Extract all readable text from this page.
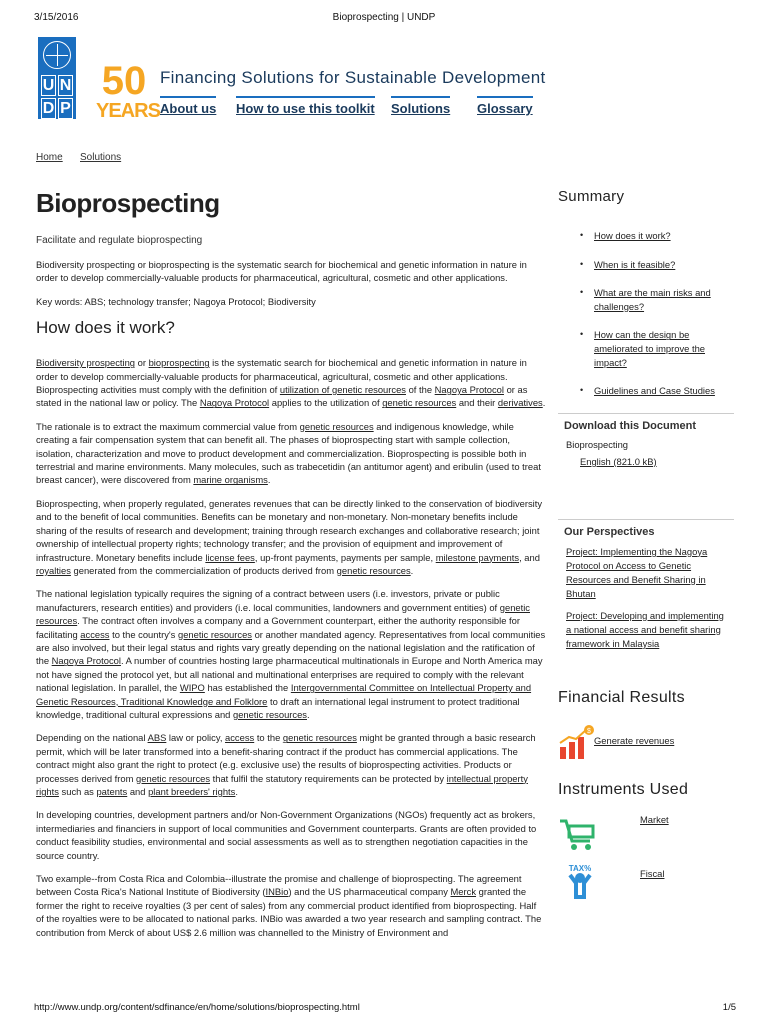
3/15/2016	Bioprospecting | UNDP
U N
D P
50
YEARS
Financing Solutions for Sustainable Development
About us How to use this toolkit Solutions Glossary
Home Solutions
Bioprospecting
Facilitate and regulate bioprospecting

Biodiversity prospecting or bioprospecting is the systematic search for biochemical and genetic information in nature in order to develop commercially-valuable products for pharmaceutical, agricultural, cosmetic and other applications.

Key words: ABS; technology transfer; Nagoya Protocol; Biodiversity

How does it work?

Biodiversity prospecting or bioprospecting is the systematic search for biochemical and genetic information in nature in order to develop commercially-valuable products for pharmaceutical, agricultural, cosmetic and other applications. Bioprospecting activities must comply with the definition of utilization of genetic resources of the Nagoya Protocol or as stated in the national law or policy. The Nagoya Protocol applies to the utilization of genetic resources and their derivatives.

The rationale is to extract the maximum commercial value from genetic resources and indigenous knowledge, while creating a fair compensation system that can benefit all. The phases of bioprospecting start with sample collection, isolation, characterization and move to product development and commercialization. Bioprospecting is possible both in terrestrial and marine environments. Many molecules, such as trabecetidin (an antitumor agent) and eribulin (used to treat breast cancer), were discovered from marine organisms.

Bioprospecting, when properly regulated, generates revenues that can be directly linked to the conservation of biodiversity and to the benefit of local communities. Benefits can be monetary and non-monetary. Non-monetary benefits include sharing of the results of research and development; training through research exchanges and collaborative research; joint ownership of intellectual property rights; technology transfer; and the provision of equipment and improvement of infrastructure. Monetary benefits include license fees, up-front payments, payments per sample, milestone payments, and royalties generated from the commercialization of products derived from genetic resources.

The national legislation typically requires the signing of a contract between users (i.e. investors, private or public manufacturers, research entities) and providers (i.e. local communities, landowners and government entities) of genetic resources. The contract often involves a company and a Government counterpart, either the authority responsible for facilitating access to the country's genetic resources or another mandated agency. Representatives from local communities are also involved, but their legal status and rights vary greatly depending on the national legislation and the ratification of the Nagoya Protocol. A number of countries hosting large pharmaceutical multinationals in Europe and North America may not have signed the protocol yet, but all national and multinational enterprises are required to comply with the relevant national legislation. In parallel, the WIPO has established the Intergovernmental Committee on Intellectual Property and Genetic Resources, Traditional Knowledge and Folklore to draft an international legal instrument to protect traditional knowledge, traditional cultural expressions and genetic resources.

Depending on the national ABS law or policy, access to the genetic resources might be granted through a basic research permit, which will be later transformed into a benefit-sharing contract if the product has commercial applications. The contract might also grant the right to protect (e.g. exclusive use) the results of bioprospecting activities. Products or processes derived from genetic resources that fulfil the statutory requirements can be protected by intellectual property rights such as patents and plant breeders' rights.

In developing countries, development partners and/or Non-Government Organizations (NGOs) frequently act as brokers, intermediaries and financiers in support of local communities and Government counterparts. Grants are often provided to conduct feasibility studies, environmental and social assessments as well as to strengthen negotiation capacities in the source country.

Two example--from Costa Rica and Colombia--illustrate the promise and challenge of bioprospecting. The agreement between Costa Rica's National Institute of Biodiversity (INBio) and the US pharmaceutical company Merck granted the former the right to receive royalties (3 per cent of sales) from any commercial product identified from bioprospecting. Half of the royalties were to be allocated to national parks. INBio was awarded a two year research and sampling contract. The contribution from Merck of about US$ 2.6 million was channelled to the Ministry of Environment and

Summary
• How does it work?
• When is it feasible?
• What are the main risks and challenges?
• How can the design be ameliorated to improve the impact?
• Guidelines and Case Studies
Download this Document
Bioprospecting
English (821.0 kB)
Our Perspectives
Project: Implementing the Nagoya Protocol on Access to Genetic Resources and Benefit Sharing in Bhutan
Project: Developing and implementing a national access and benefit sharing framework in Malaysia
Financial Results
$
Generate revenues
Instruments Used
Market
TAX%	Fiscal
http://www.undp.org/content/sdfinance/en/home/solutions/bioprospecting.html	1/5
